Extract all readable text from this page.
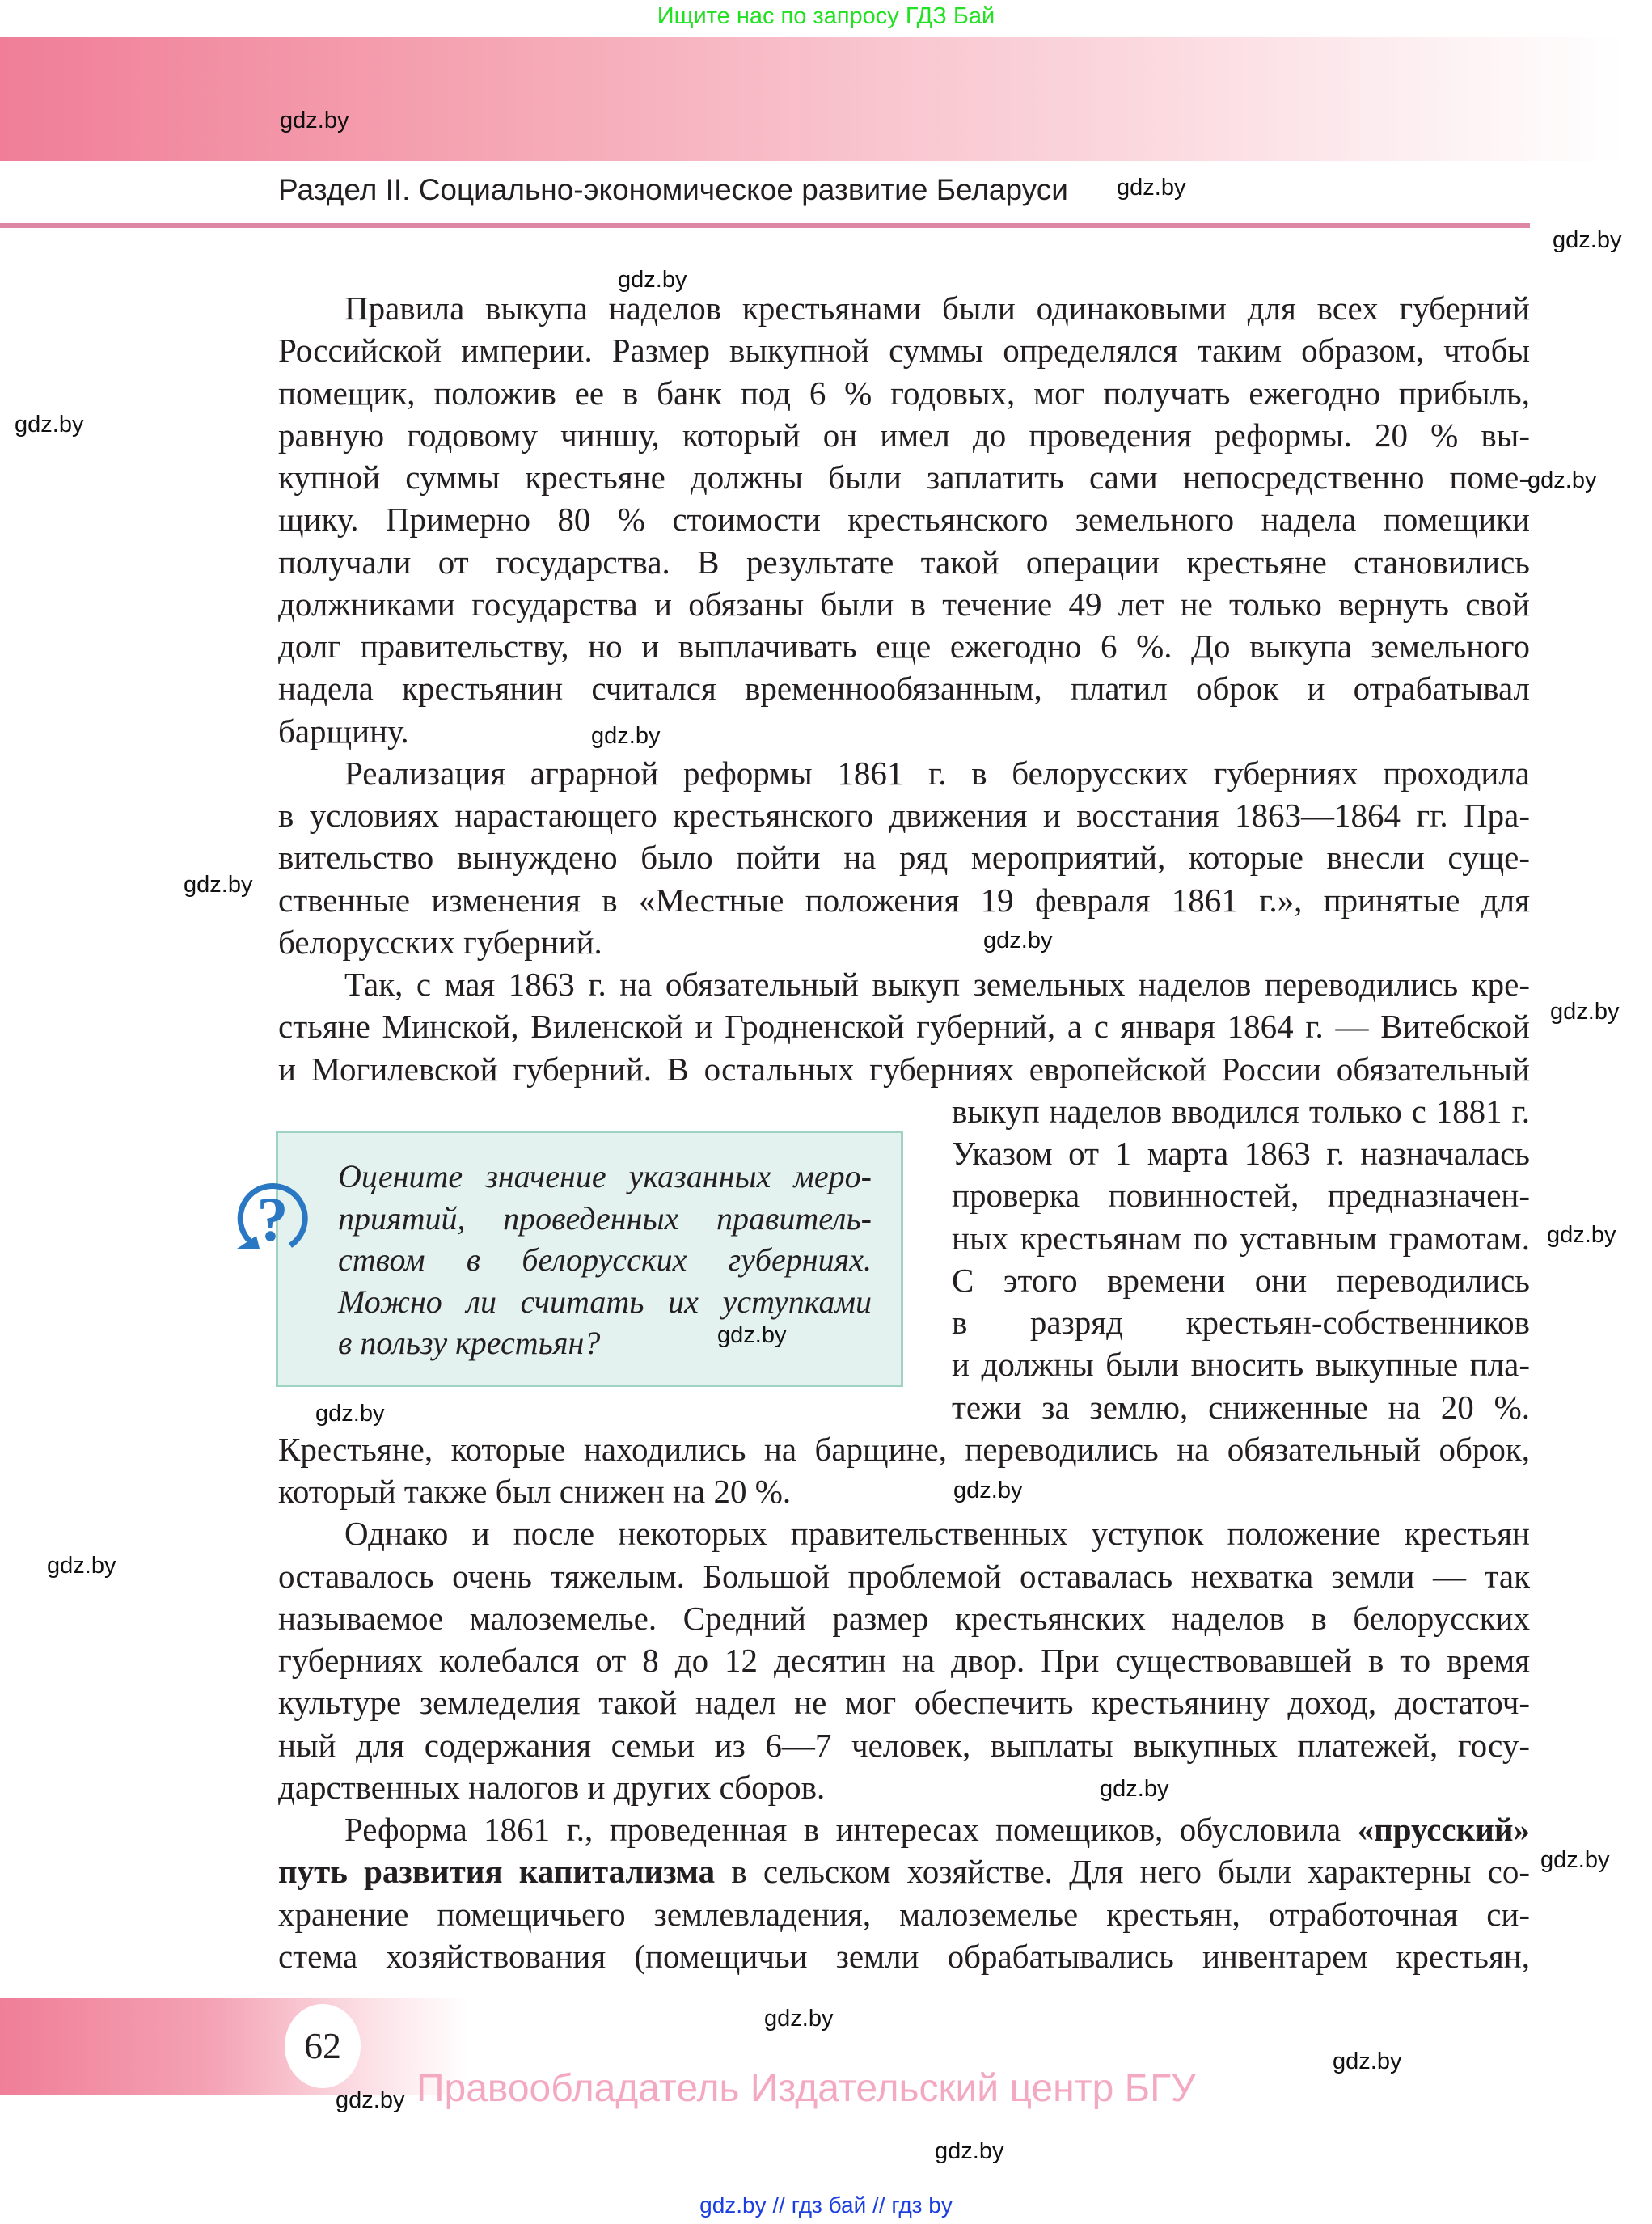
Ищите нас по запросу ГДЗ Бай
Раздел II. Социально-экономическое развитие Беларуси
Правила выкупа наделов крестьянами были одинаковыми для всех губерний
Российской империи. Размер выкупной суммы определялся таким образом, чтобы
помещик, положив ее в банк под 6 % годовых, мог получать ежегодно прибыль,
равную годовому чиншу, который он имел до проведения реформы. 20 % вы-
купной суммы крестьяне должны были заплатить сами непосредственно поме-
щику. Примерно 80 % стоимости крестьянского земельного надела помещики
получали от государства. В результате такой операции крестьяне становились
должниками государства и обязаны были в течение 49 лет не только вернуть свой
долг правительству, но и выплачивать еще ежегодно 6 %. До выкупа земельного
надела крестьянин считался временнообязанным, платил оброк и отрабатывал
барщину.
Реализация аграрной реформы 1861 г. в белорусских губерниях проходила
в условиях нарастающего крестьянского движения и восстания 1863—1864 гг. Пра-
вительство вынуждено было пойти на ряд мероприятий, которые внесли суще-
ственные изменения в «Местные положения 19 февраля 1861 г.», принятые для
белорусских губерний.
Так, с мая 1863 г. на обязательный выкуп земельных наделов переводились кре-
стьяне Минской, Виленской и Гродненской губерний, а с января 1864 г. — Витебской
и Могилевской губерний. В остальных губерниях европейской России обязательный
выкуп наделов вводился только с 1881 г.
Указом от 1 марта 1863 г. назначалась
проверка повинностей, предназначен-
ных крестьянам по уставным грамотам.
С этого времени они переводились
в разряд крестьян-собственников
и должны были вносить выкупные пла-
тежи за землю, сниженные на 20 %.
Крестьяне, которые находились на барщине, переводились на обязательный оброк,
который также был снижен на 20 %.
Однако и после некоторых правительственных уступок положение крестьян
оставалось очень тяжелым. Большой проблемой оставалась нехватка земли — так
называемое малоземелье. Средний размер крестьянских наделов в белорусских
губерниях колебался от 8 до 12 десятин на двор. При существовавшей в то время
культуре земледелия такой надел не мог обеспечить крестьянину доход, достаточ-
ный для содержания семьи из 6—7 человек, выплаты выкупных платежей, госу-
дарственных налогов и других сборов.
Реформа 1861 г., проведенная в интересах помещиков, обусловила «прусский»
путь развития капитализма в сельском хозяйстве. Для него были характерны со-
хранение помещичьего землевладения, малоземелье крестьян, отработочная си-
стема хозяйствования (помещичьи земли обрабатывались инвентарем крестьян,
?
Оцените значение указанных меро-
приятий, проведенных правитель-
ством в белорусских губерниях.
Можно ли считать их уступками
в пользу крестьян?
62
Правообладатель Издательский центр БГУ
gdz.by // гдз бай // гдз by
gdz.by
gdz.by
gdz.by
gdz.by
gdz.by
gdz.by
gdz.by
gdz.by
gdz.by
gdz.by
gdz.by
gdz.by
gdz.by
gdz.by
gdz.by
gdz.by
gdz.by
gdz.by
gdz.by
gdz.by
gdz.by
